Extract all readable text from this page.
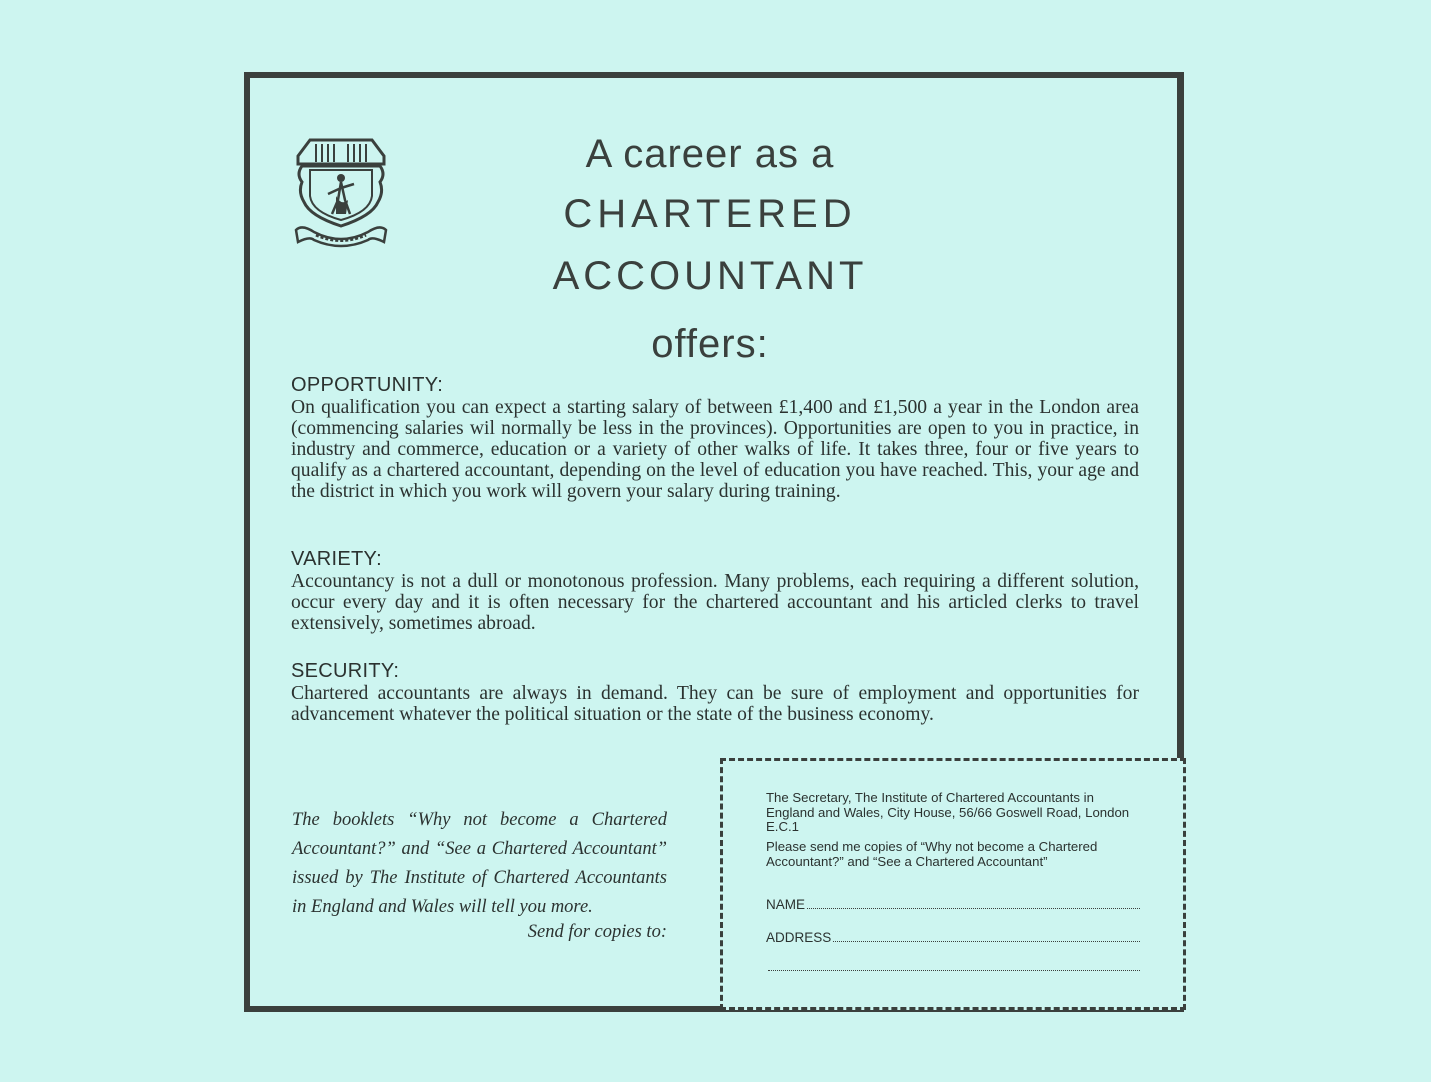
A career as a
CHARTERED
ACCOUNTANT
offers:
OPPORTUNITY:

On qualification you can expect a starting salary of between £1,400 and £1,500 a year in the London area (commencing salaries wil normally be less in the provinces). Opportunities are open to you in practice, in industry and commerce, education or a variety of other walks of life. It takes three, four or five years to qualify as a chartered accountant, depending on the level of education you have reached. This, your age and the district in which you work will govern your salary during training.

VARIETY:

Accountancy is not a dull or monotonous profession. Many problems, each requiring a different solution, occur every day and it is often necessary for the chartered accountant and his articled clerks to travel extensively, sometimes abroad.

SECURITY:

Chartered accountants are always in demand. They can be sure of employment and opportunities for advancement whatever the political situation or the state of the business economy.

The booklets “Why not become a Chartered Accountant?” and “See a Chartered Accountant” issued by The Institute of Chartered Accountants in England and Wales will tell you more.

Send for copies to:

The Secretary, The Institute of Chartered Accountants in England and Wales, City House, 56/66 Goswell Road, London E.C.1

Please send me copies of “Why not become a Chartered Accountant?” and “See a Chartered Accountant”

NAME
ADDRESS
